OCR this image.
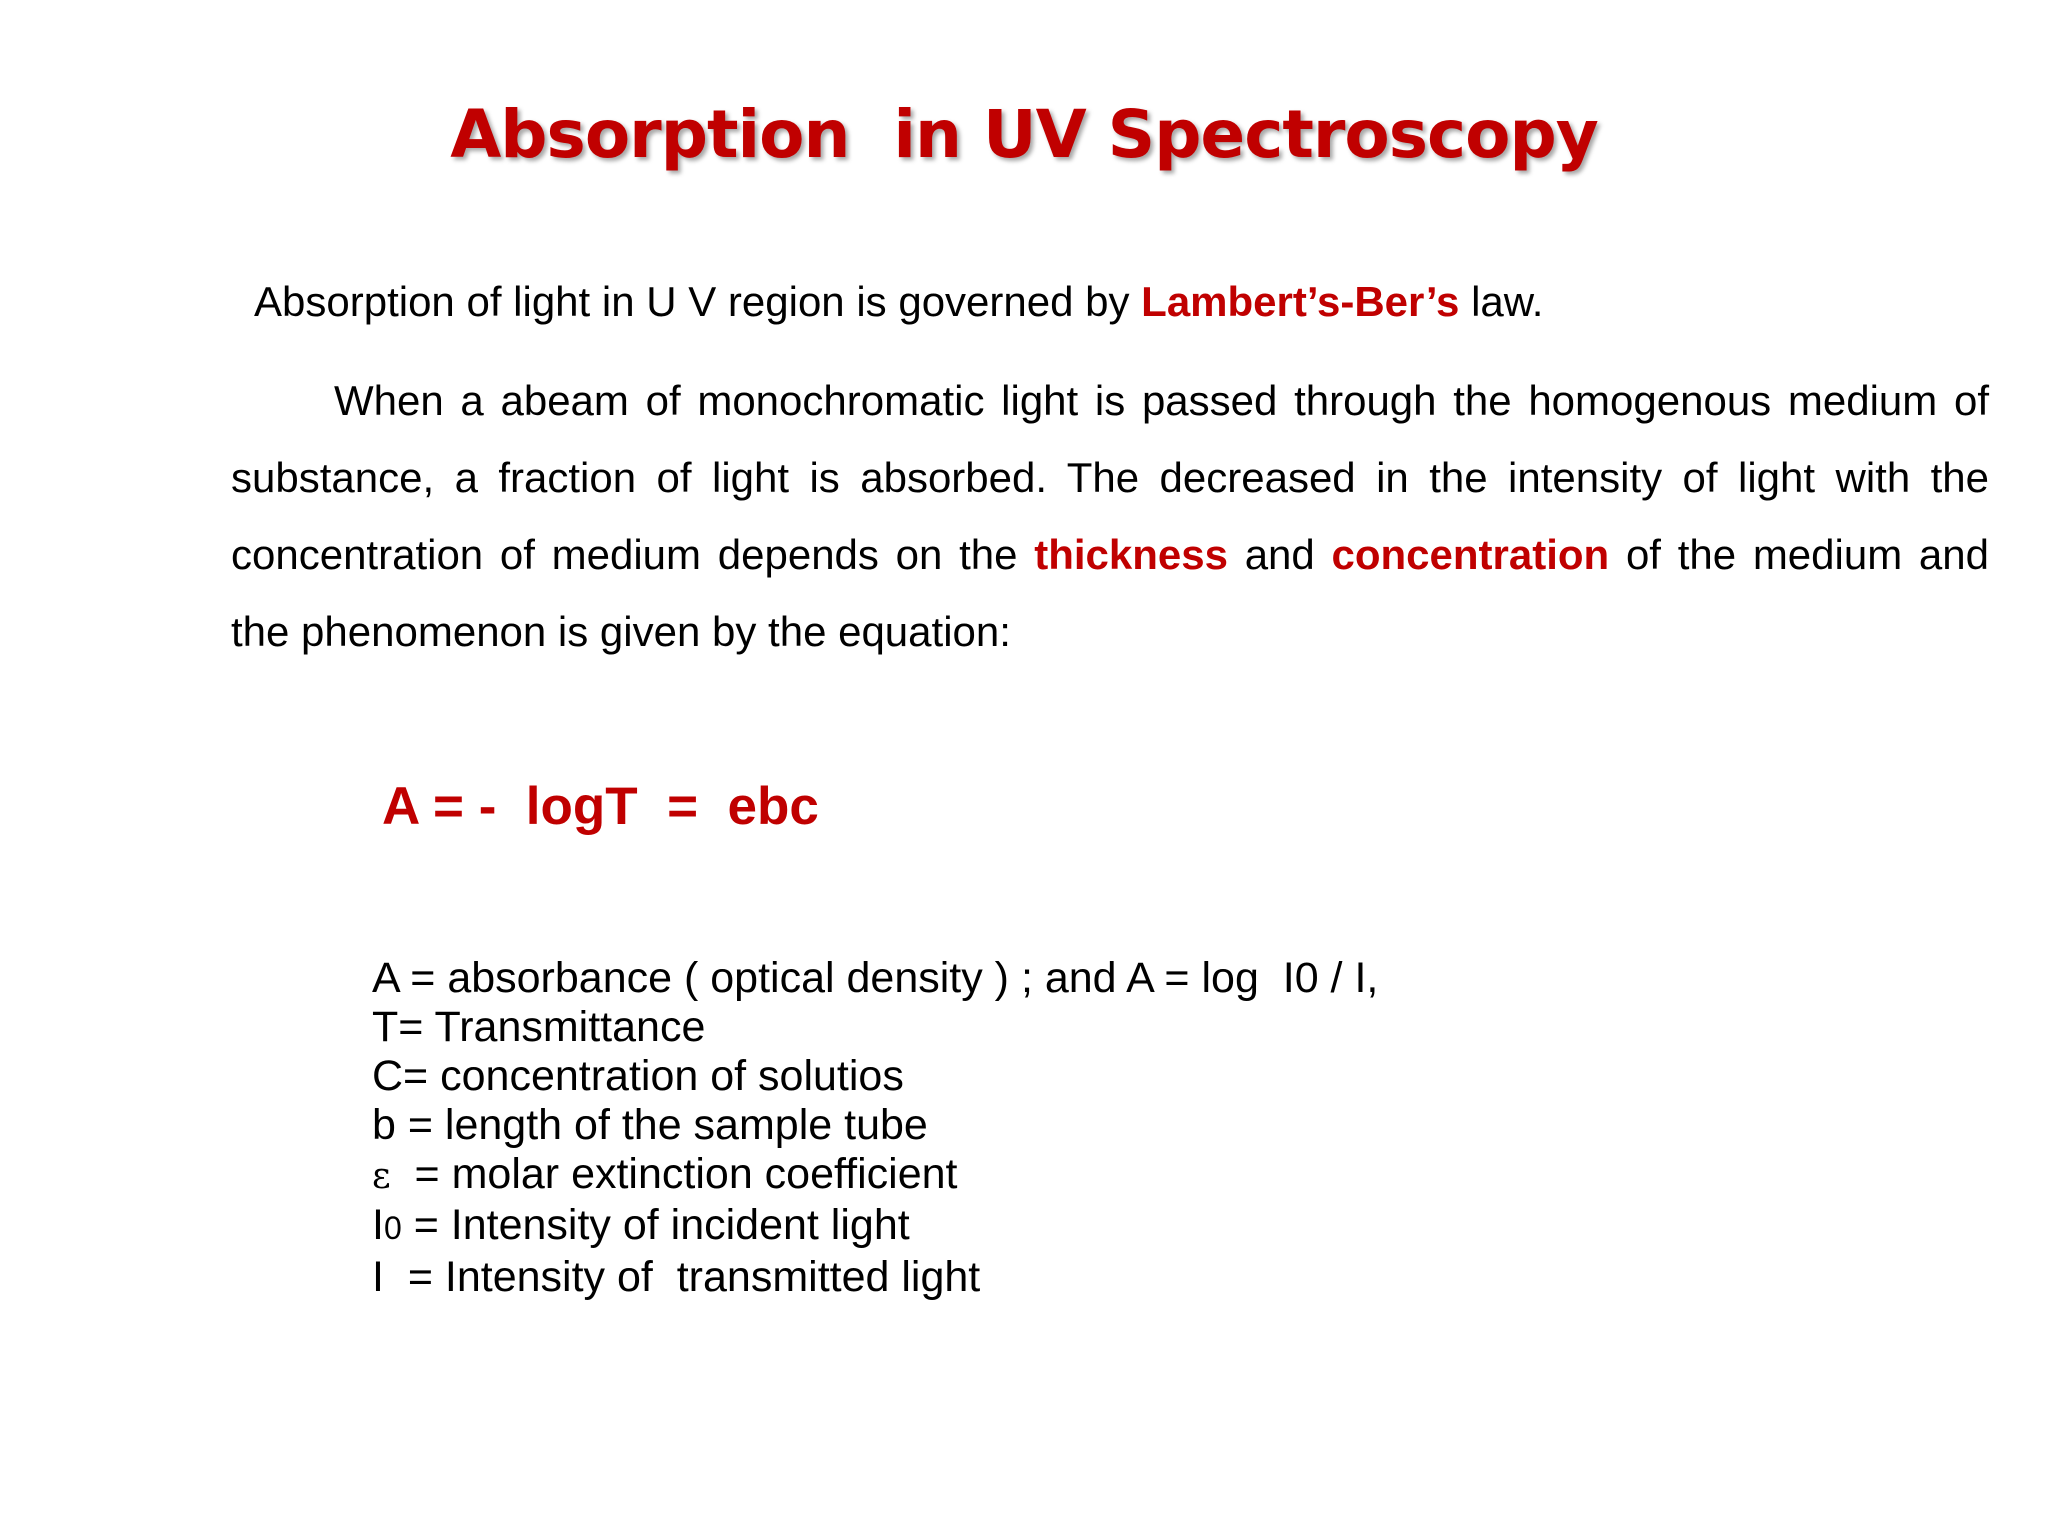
Absorption  in UV Spectroscopy
Absorption of light in U V region is governed by Lambert’s-Ber’s law.
When a abeam of monochromatic light is passed through the homogenous medium of substance, a fraction of light is absorbed. The decreased in the intensity of light with the concentration of medium depends on the thickness and concentration of the medium and the phenomenon is given by the equation:
A = -  logT  =  ebc
A = absorbance ( optical density ) ; and A = log  I0 / I,
T= Transmittance
C= concentration of solutios
b = length of the sample tube
ε  = molar extinction coefficient
I0 = Intensity of incident light
I  = Intensity of  transmitted light
